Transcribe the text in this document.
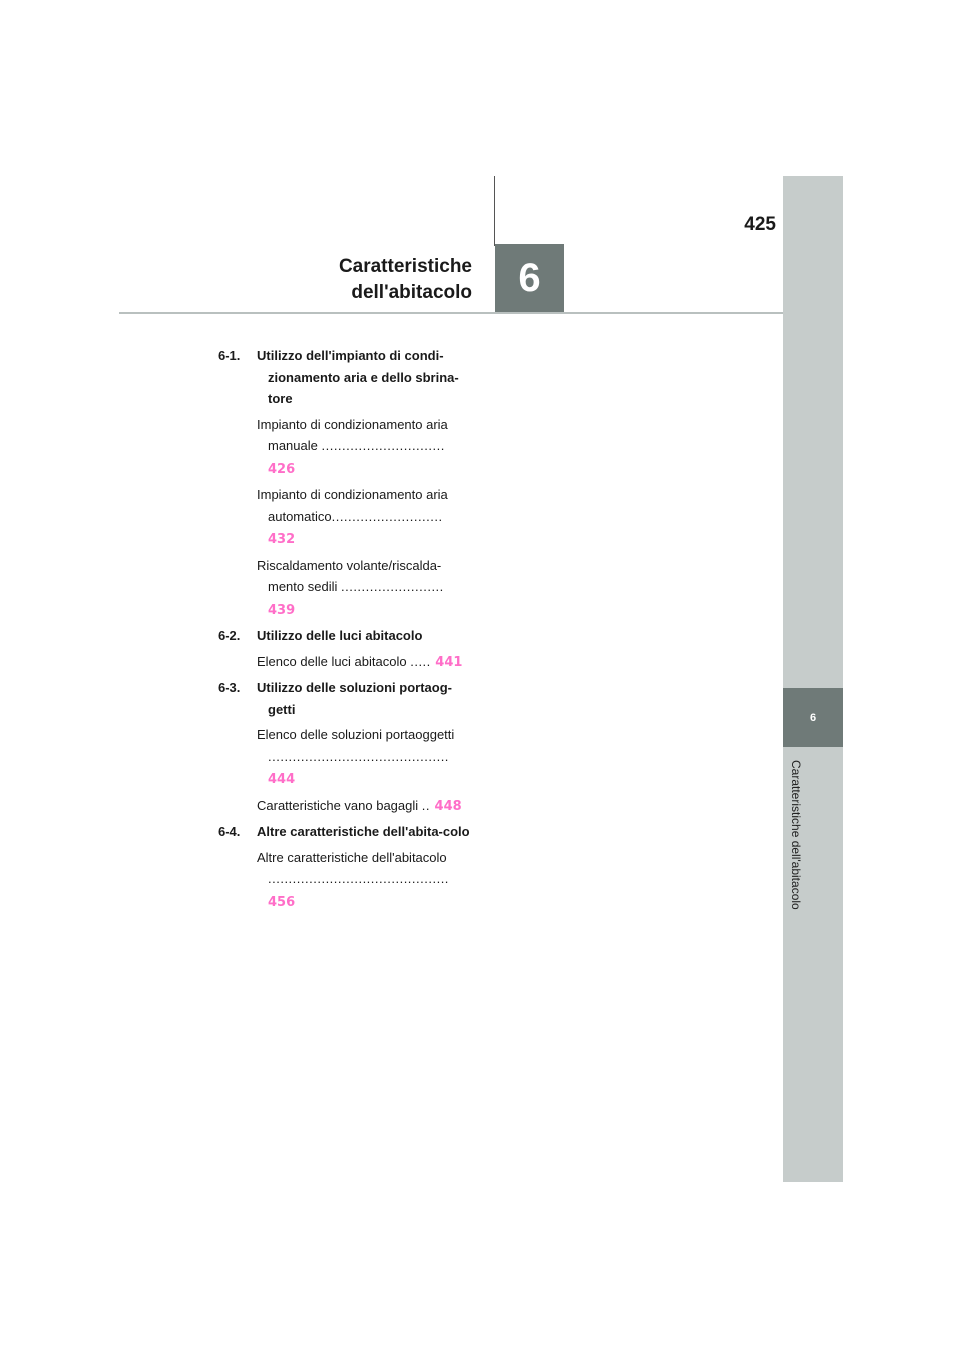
425
Caratteristiche
dell'abitacolo	6
6
Caratteristiche dell'abitacolo
6-1. Utilizzo dell'impianto di condi-zionamento aria e dello sbrina-tore
Impianto di condizionamento aria manuale .............................. 426
Impianto di condizionamento aria automatico........................... 432
Riscaldamento volante/riscalda-mento sedili ......................... 439
6-2. Utilizzo delle luci abitacolo
Elenco delle luci abitacolo ..... 441
6-3. Utilizzo delle soluzioni portaog-getti
Elenco delle soluzioni portaoggetti ............................................ 444
Caratteristiche vano bagagli .. 448
6-4. Altre caratteristiche dell'abita-colo
Altre caratteristiche dell'abitacolo ............................................ 456
